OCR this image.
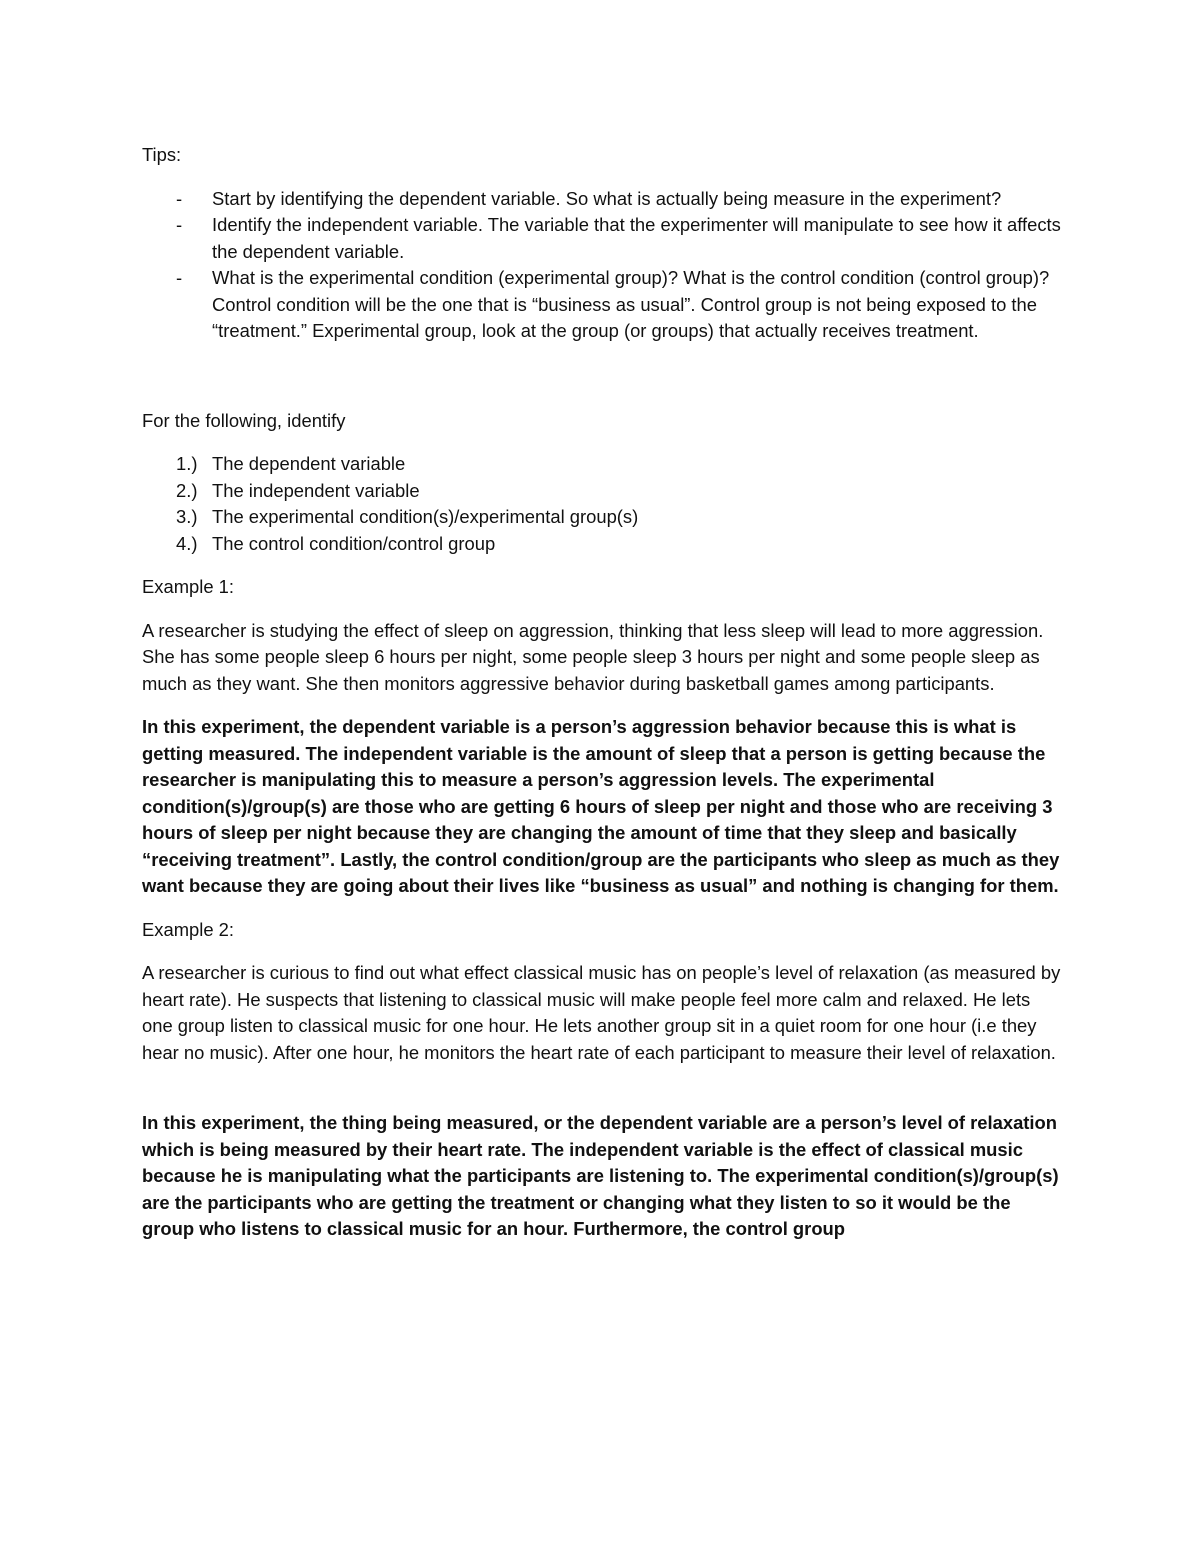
Tips:

- Start by identifying the dependent variable. So what is actually being measure in the experiment?
- Identify the independent variable. The variable that the experimenter will manipulate to see how it affects the dependent variable.
- What is the experimental condition (experimental group)? What is the control condition (control group)? Control condition will be the one that is “business as usual”. Control group is not being exposed to the “treatment.” Experimental group, look at the group (or groups) that actually receives treatment.

For the following, identify

1.) The dependent variable
2.) The independent variable
3.) The experimental condition(s)/experimental group(s)
4.) The control condition/control group

Example 1:

A researcher is studying the effect of sleep on aggression, thinking that less sleep will lead to more aggression. She has some people sleep 6 hours per night, some people sleep 3 hours per night and some people sleep as much as they want. She then monitors aggressive behavior during basketball games among participants.

In this experiment, the dependent variable is a person’s aggression behavior because this is what is getting measured. The independent variable is the amount of sleep that a person is getting because the researcher is manipulating this to measure a person’s aggression levels. The experimental condition(s)/group(s) are those who are getting 6 hours of sleep per night and those who are receiving 3 hours of sleep per night because they are changing the amount of time that they sleep and basically “receiving treatment”. Lastly, the control condition/group are the participants who sleep as much as they want because they are going about their lives like “business as usual” and nothing is changing for them.

Example 2:

A researcher is curious to find out what effect classical music has on people’s level of relaxation (as measured by heart rate). He suspects that listening to classical music will make people feel more calm and relaxed. He lets one group listen to classical music for one hour. He lets another group sit in a quiet room for one hour (i.e they hear no music). After one hour, he monitors the heart rate of each participant to measure their level of relaxation.

In this experiment, the thing being measured, or the dependent variable are a person’s level of relaxation which is being measured by their heart rate. The independent variable is the effect of classical music because he is manipulating what the participants are listening to. The experimental condition(s)/group(s) are the participants who are getting the treatment or changing what they listen to so it would be the group who listens to classical music for an hour. Furthermore, the control group
